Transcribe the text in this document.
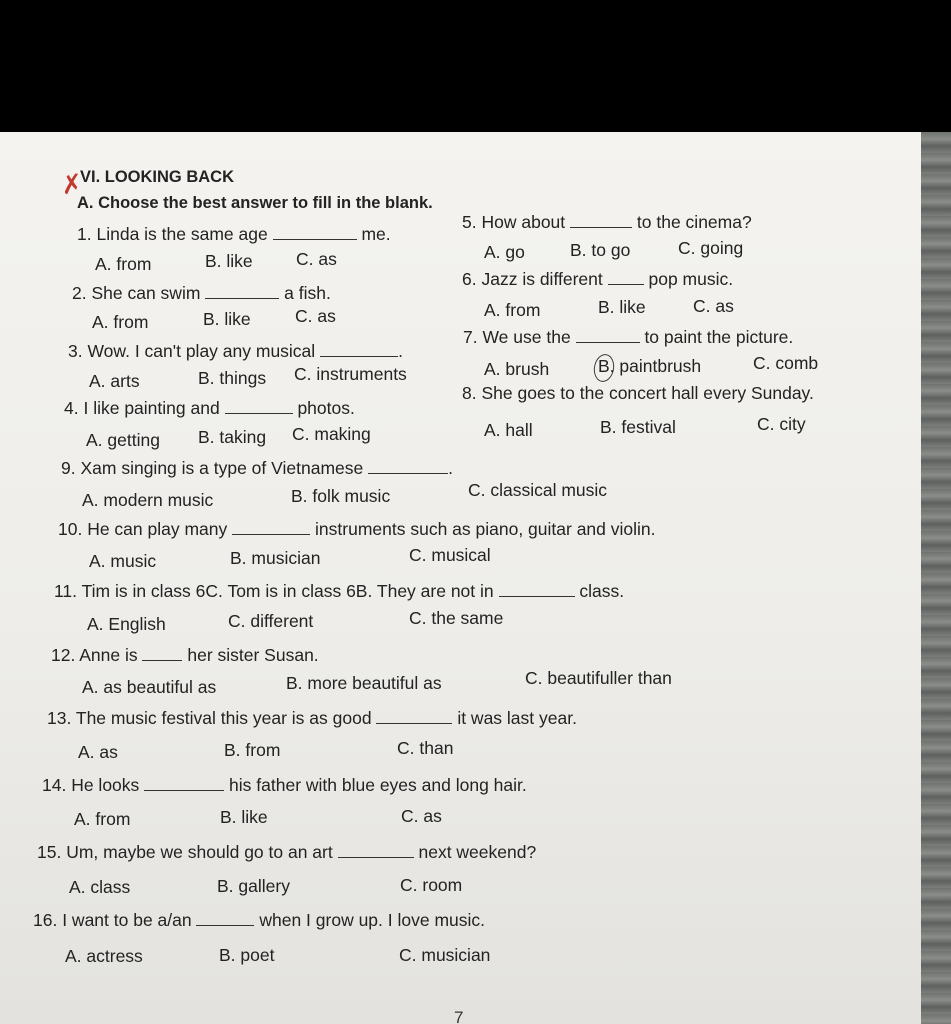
✗
VI. LOOKING BACK
A. Choose the best answer to fill in the blank.
1. Linda is the same age	me.
A. from	B. like C. as
5. How about	to the cinema?
A. go	B. to go	C. going
2. She can swim	a fish.
A. from	B. like	C. as
6. Jazz is different	pop music.
A. from	B. like	C. as
3. Wow. I can't play any musical	.
A. arts	B. things C. instruments
7. We use the	to paint the picture.
A. brush	B. paintbrush	C. comb
4. I like painting and	photos.
A. getting B. taking C. making
8. She goes to the concert hall every Sunday.
A. hall	B. festival	C. city
9. Xam singing is a type of Vietnamese	.
A. modern music	B. folk music	C. classical music
10. He can play many	instruments such as piano, guitar and violin.
A. music	B. musician	C. musical
11. Tim is in class 6C. Tom is in class 6B. They are not in	class.
A. English	C. different	C. the same
12. Anne is	her sister Susan.
A. as beautiful as	B. more beautiful as	C. beautifuller than
13. The music festival this year is as good	it was last year.
A. as	B. from	C. than
14. He looks	his father with blue eyes and long hair.
A. from	B. like	C. as
15. Um, maybe we should go to an art	next weekend?
A. class	B. gallery	C. room
16. I want to be a/an	when I grow up. I love music.
A. actress	B. poet	C. musician
7
